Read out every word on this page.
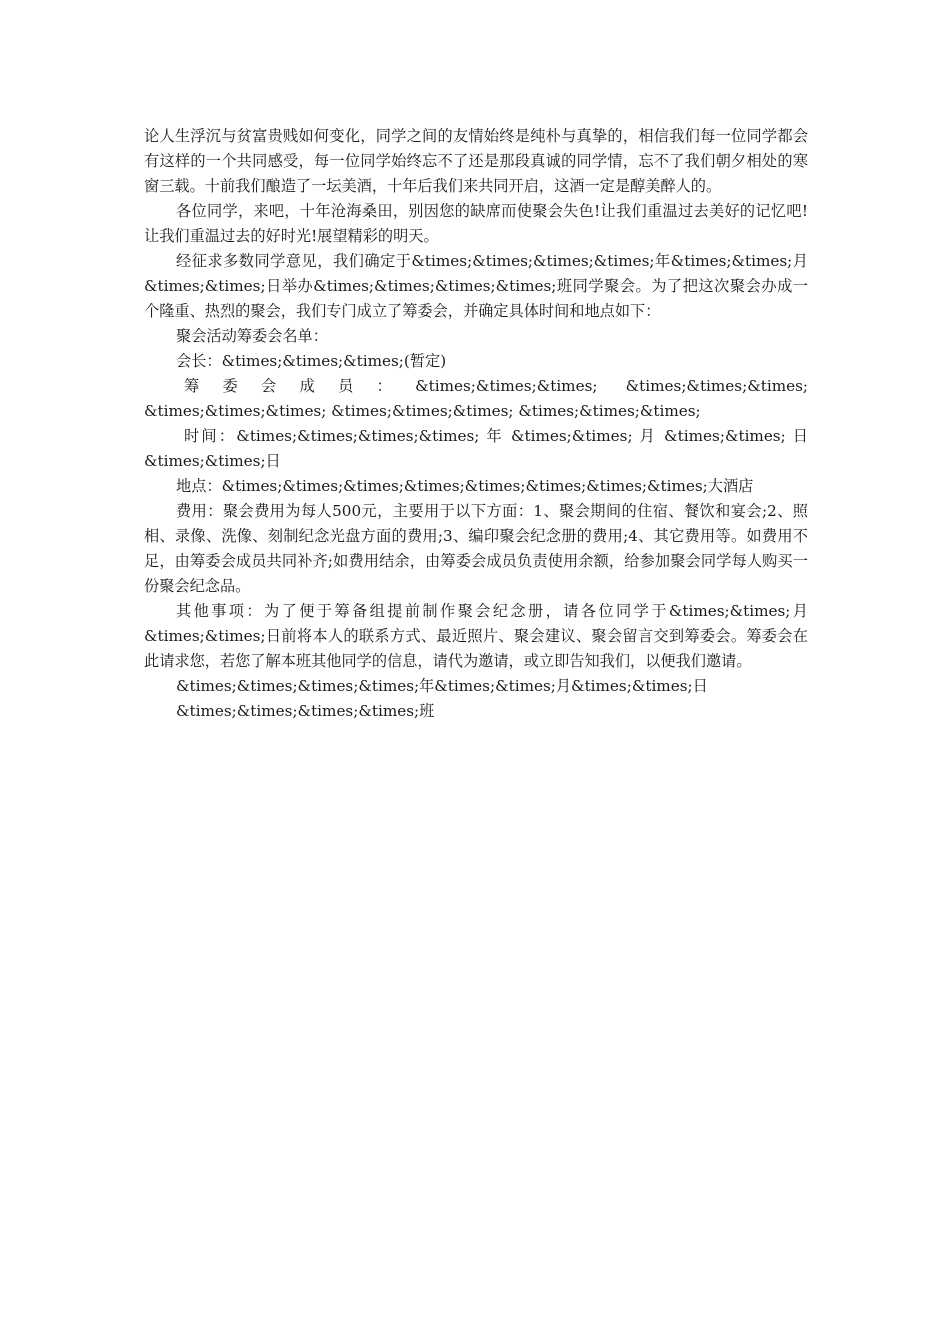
论人生浮沉与贫富贵贱如何变化，同学之间的友情始终是纯朴与真挚的，相信我们每一位同学都会有这样的一个共同感受，每一位同学始终忘不了还是那段真诚的同学情，忘不了我们朝夕相处的寒窗三载。十前我们酿造了一坛美酒，十年后我们来共同开启，这酒一定是醇美醉人的。

各位同学，来吧，十年沧海桑田，别因您的缺席而使聚会失色!让我们重温过去美好的记忆吧!让我们重温过去的好时光!展望精彩的明天。

经征求多数同学意见，我们确定于&times;&times;&times;&times;年&times;&times;月&times;&times;日举办&times;&times;&times;&times;班同学聚会。为了把这次聚会办成一个隆重、热烈的聚会，我们专门成立了筹委会，并确定具体时间和地点如下：

聚会活动筹委会名单：

会长：&times;&times;&times;(暂定)

筹委会成员：&times;&times;&times; &times;&times;&times; &times;&times;&times; &times;&times;&times; &times;&times;&times;

时间：&times;&times;&times;&times; 年 &times;&times; 月 &times;&times; 日 &times;&times;日

地点：&times;&times;&times;&times;&times;&times;&times;&times;大酒店

费用：聚会费用为每人500元，主要用于以下方面：1、聚会期间的住宿、餐饮和宴会;2、照相、录像、洗像、刻制纪念光盘方面的费用;3、编印聚会纪念册的费用;4、其它费用等。如费用不足，由筹委会成员共同补齐;如费用结余，由筹委会成员负责使用余额，给参加聚会同学每人购买一份聚会纪念品。

其他事项：为了便于筹备组提前制作聚会纪念册，请各位同学于&times;&times;月&times;&times;日前将本人的联系方式、最近照片、聚会建议、聚会留言交到筹委会。筹委会在此请求您，若您了解本班其他同学的信息，请代为邀请，或立即告知我们，以便我们邀请。

&times;&times;&times;&times;年&times;&times;月&times;&times;日

&times;&times;&times;&times;班
